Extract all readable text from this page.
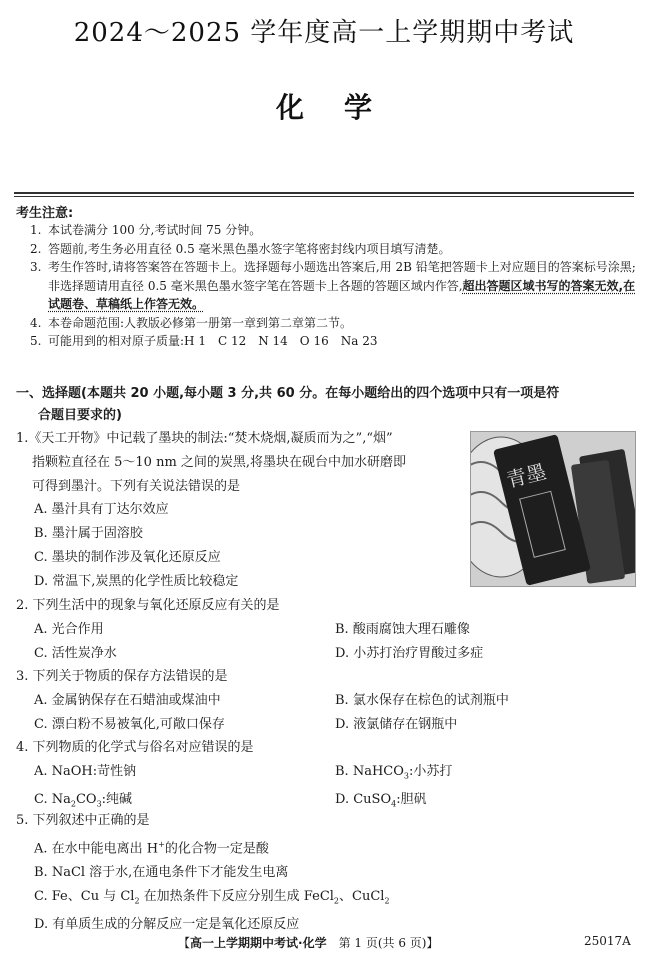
2024～2025 学年度高一上学期期中考试
化学
考生注意:
1. 本试卷满分 100 分,考试时间 75 分钟。
2. 答题前,考生务必用直径 0.5 毫米黑色墨水签字笔将密封线内项目填写清楚。
3. 考生作答时,请将答案答在答题卡上。选择题每小题选出答案后,用 2B 铅笔把答题卡上对应题目的答案标号涂黑;非选择题请用直径 0.5 毫米黑色墨水签字笔在答题卡上各题的答题区域内作答,超出答题区域书写的答案无效,在试题卷、草稿纸上作答无效。
4. 本卷命题范围:人教版必修第一册第一章到第二章第二节。
5. 可能用到的相对原子质量:H 1　C 12　N 14　O 16　Na 23
一、选择题(本题共 20 小题,每小题 3 分,共 60 分。在每小题给出的四个选项中只有一项是符
合题目要求的)
1.《天工开物》中记载了墨块的制法:“焚木烧烟,凝质而为之”,“烟”
指颗粒直径在 5～10 nm 之间的炭黑,将墨块在砚台中加水研磨即
可得到墨汁。下列有关说法错误的是
A. 墨汁具有丁达尔效应
B. 墨汁属于固溶胶
C. 墨块的制作涉及氧化还原反应
D. 常温下,炭黑的化学性质比较稳定
青墨
2. 下列生活中的现象与氧化还原反应有关的是
A. 光合作用	B. 酸雨腐蚀大理石雕像
C. 活性炭净水	D. 小苏打治疗胃酸过多症
3. 下列关于物质的保存方法错误的是
A. 金属钠保存在石蜡油或煤油中	B. 氯水保存在棕色的试剂瓶中
C. 漂白粉不易被氧化,可敞口保存	D. 液氯储存在钢瓶中
4. 下列物质的化学式与俗名对应错误的是
A. NaOH:苛性钠	B. NaHCO$_3$:小苏打
C. $Na_2CO_3$:纯碱	D. CuSO$_4$:胆矾
5. 下列叙述中正确的是
A. 在水中能电离出 H+的化合物一定是酸
B. NaCl 溶于水,在通电条件下才能发生电离
C. Fe、Cu 与 $Cl_2$ 在加热条件下反应分别生成 FeCl$_2$、CuCl$_2$
D. 有单质生成的分解反应一定是氧化还原反应
【高一上学期期中考试·化学　 第 1 页(共 6 页)】	25017A
